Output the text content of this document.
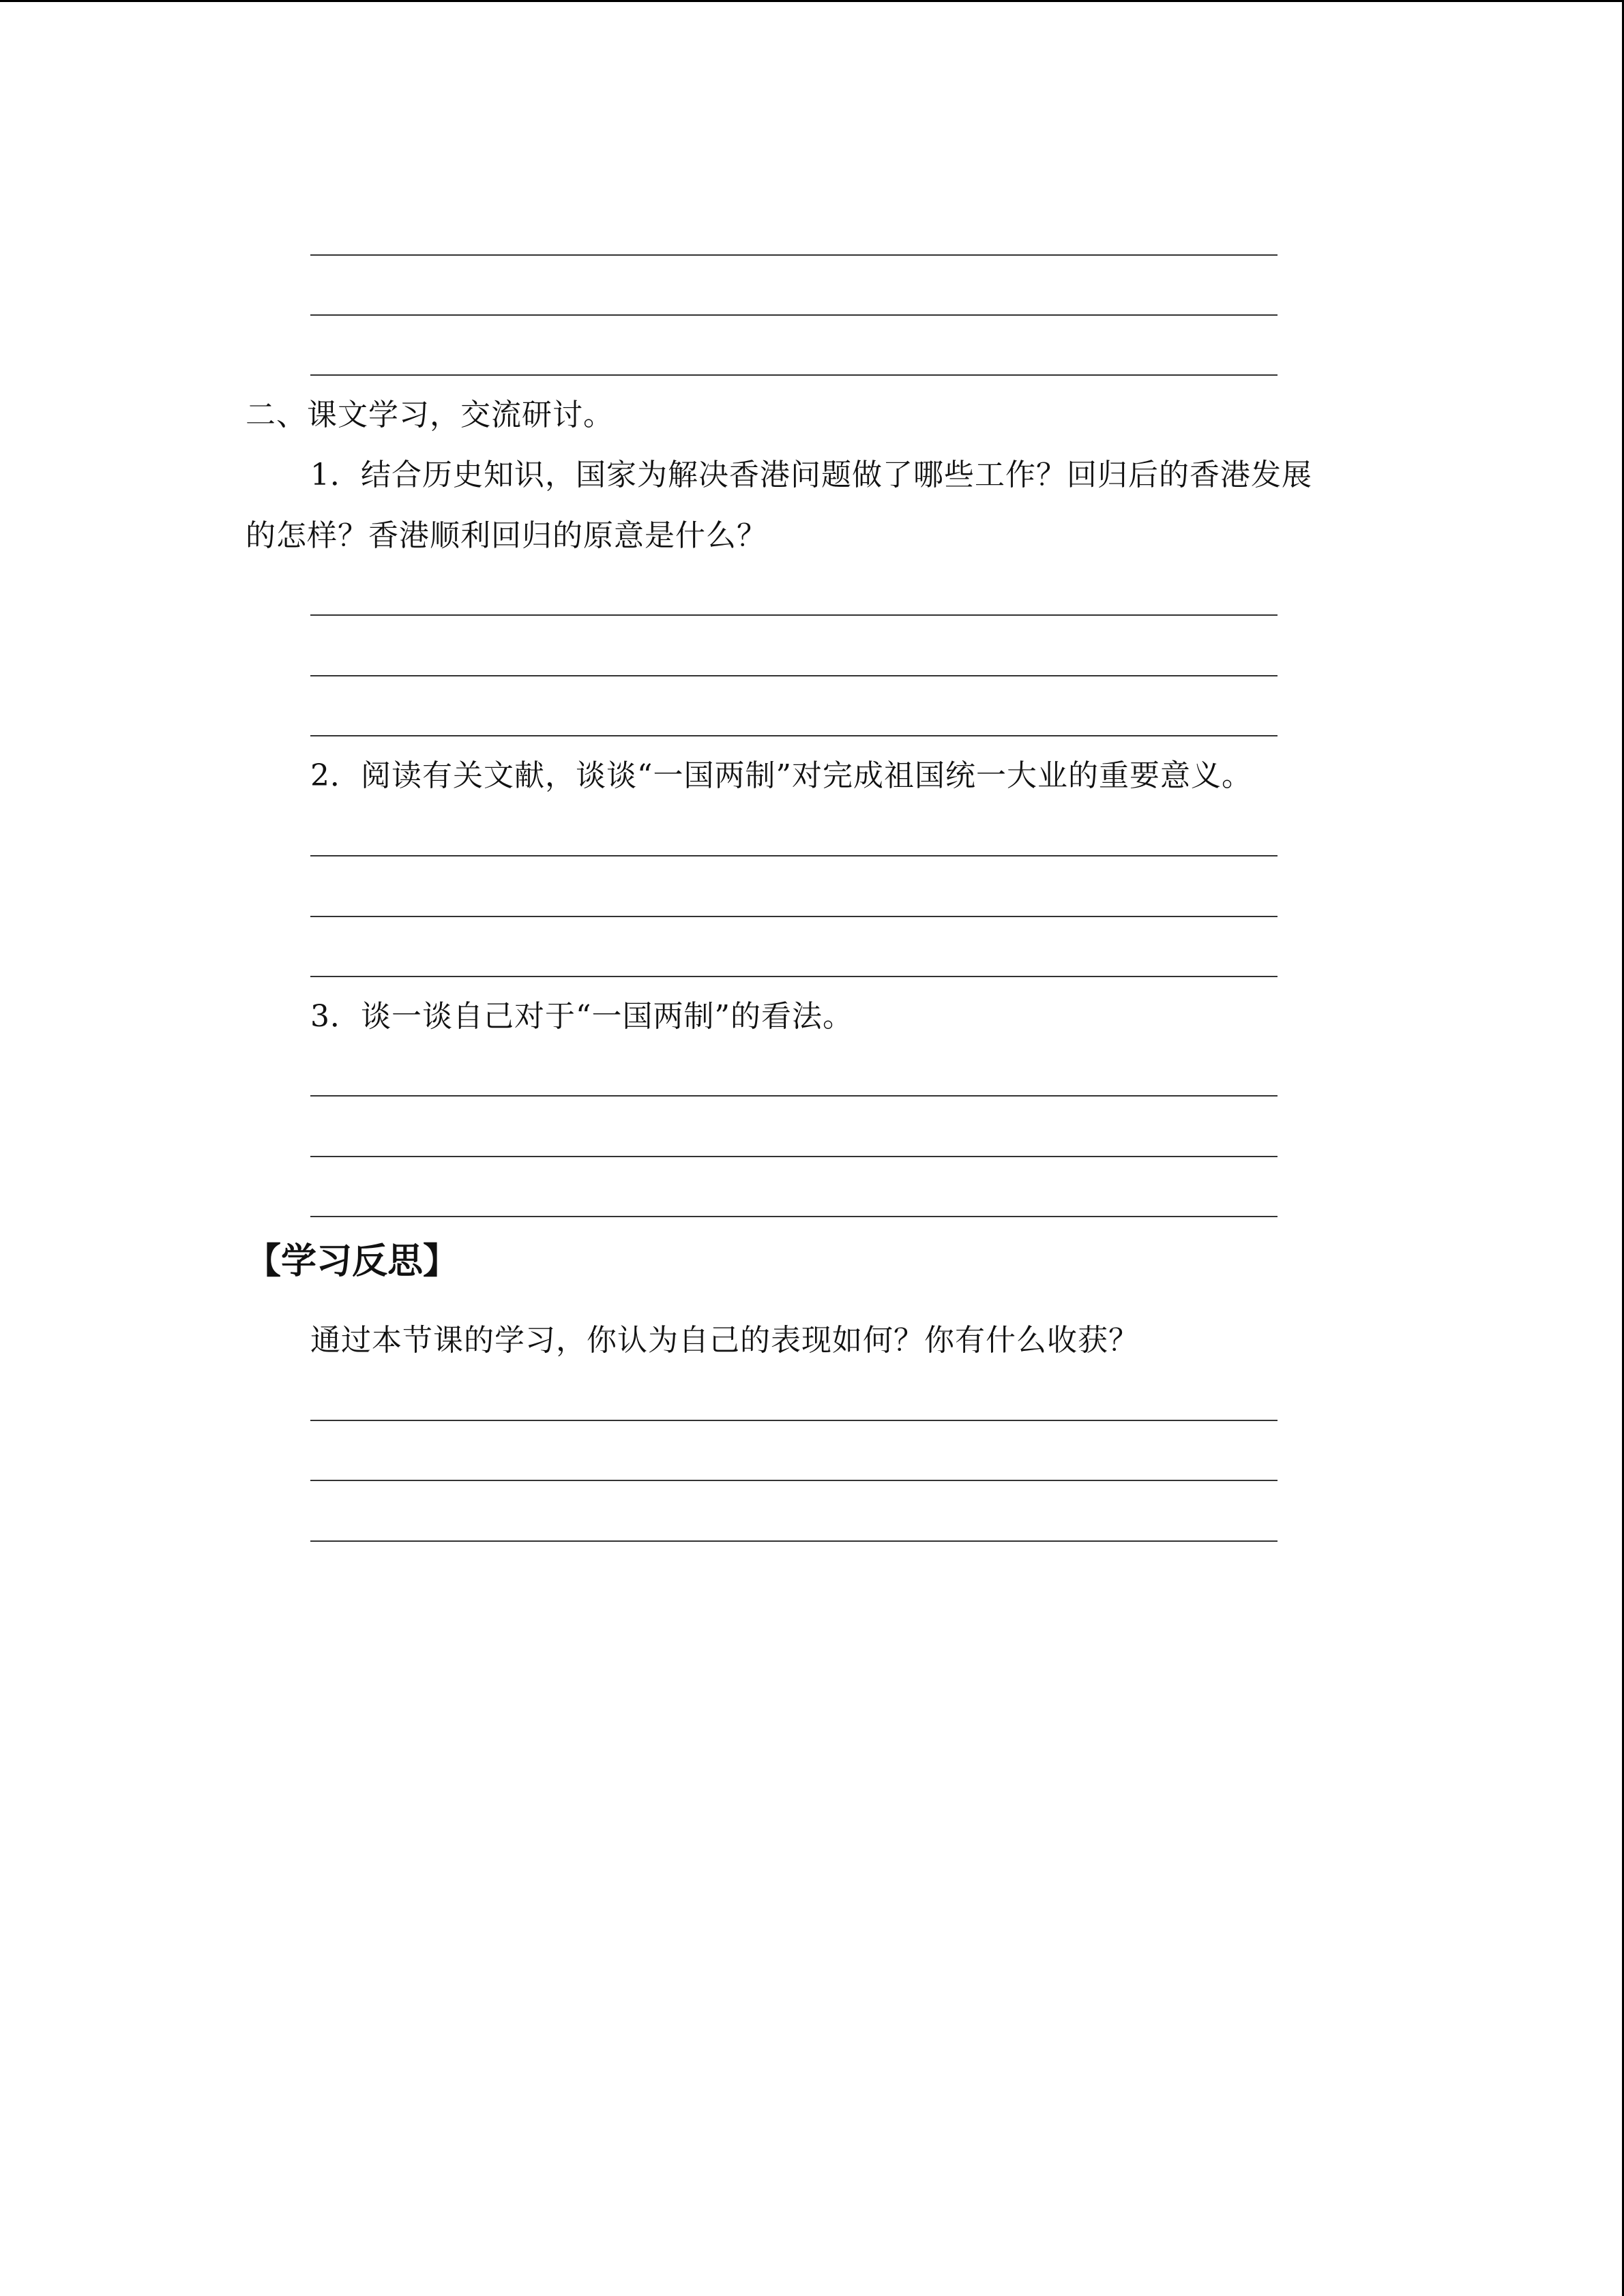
二、课文学习，交流研讨。
1．结合历史知识，国家为解决香港问题做了哪些工作？回归后的香港发展
的怎样？香港顺利回归的原意是什么？
2．阅读有关文献，谈谈“一国两制”对完成祖国统一大业的重要意义。
3．谈一谈自己对于“一国两制”的看法。
【学习反思】
通过本节课的学习，你认为自己的表现如何？你有什么收获？
